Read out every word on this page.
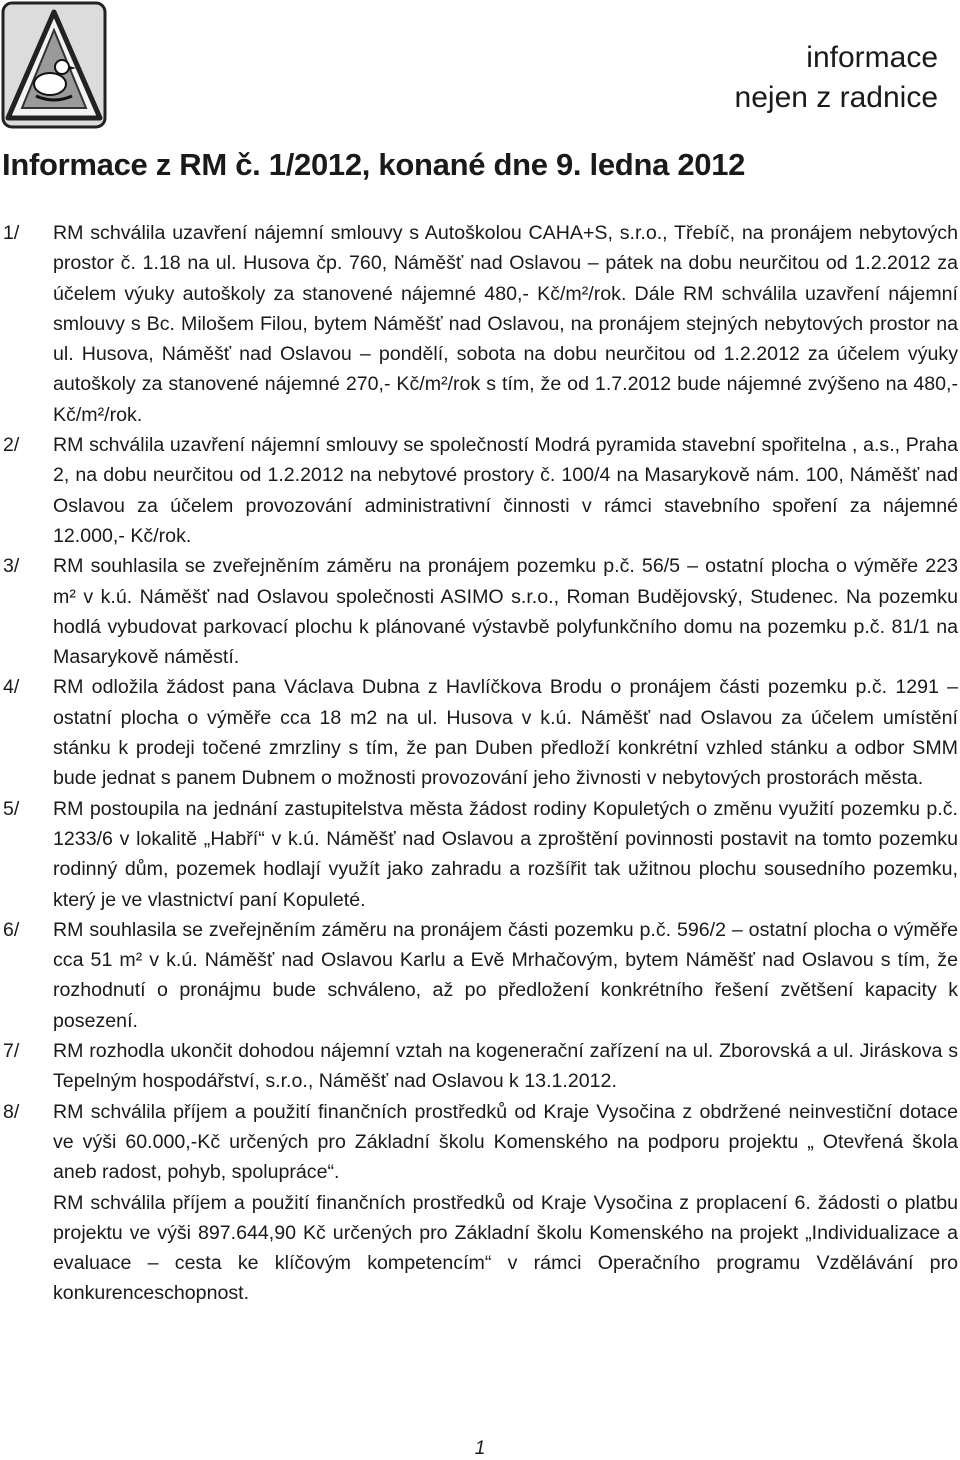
informace
nejen z radnice
Informace z RM č. 1/2012, konané dne 9. ledna 2012
1/ RM schválila uzavření nájemní smlouvy s Autoškolou CAHA+S, s.r.o., Třebíč, na pronájem nebytových prostor č. 1.18 na ul. Husova čp. 760, Náměšť nad Oslavou – pátek na dobu neurčitou od 1.2.2012 za účelem výuky autoškoly za stanovené nájemné 480,- Kč/m²/rok. Dále RM schválila uzavření nájemní smlouvy s Bc. Milošem Filou, bytem Náměšť nad Oslavou, na pronájem stejných nebytových prostor na ul. Husova, Náměšť nad Oslavou – pondělí, sobota na dobu neurčitou od 1.2.2012 za účelem výuky autoškoly za stanovené nájemné 270,- Kč/m²/rok s tím, že od 1.7.2012 bude nájemné zvýšeno na 480,- Kč/m²/rok.

2/ RM schválila uzavření nájemní smlouvy se společností Modrá pyramida stavební spořitelna , a.s., Praha 2, na dobu neurčitou od 1.2.2012 na nebytové prostory č. 100/4 na Masarykově nám. 100, Náměšť nad Oslavou za účelem provozování administrativní činnosti v rámci stavebního spoření za nájemné 12.000,- Kč/rok.

3/ RM souhlasila se zveřejněním záměru na pronájem pozemku p.č. 56/5 – ostatní plocha o výměře 223 m² v k.ú. Náměšť nad Oslavou společnosti ASIMO s.r.o., Roman Budějovský, Studenec. Na pozemku hodlá vybudovat parkovací plochu k plánované výstavbě polyfunkčního domu na pozemku p.č. 81/1 na Masarykově náměstí.

4/ RM odložila žádost pana Václava Dubna z Havlíčkova Brodu o pronájem části pozemku p.č. 1291 – ostatní plocha o výměře cca 18 m2 na ul. Husova v k.ú. Náměšť nad Oslavou za účelem umístění stánku k prodeji točené zmrzliny s tím, že pan Duben předloží konkrétní vzhled stánku a odbor SMM bude jednat s panem Dubnem o možnosti provozování jeho živnosti v nebytových prostorách města.

5/ RM postoupila na jednání zastupitelstva města žádost rodiny Kopuletých o změnu využití pozemku p.č. 1233/6 v lokalitě „Habří“ v k.ú. Náměšť nad Oslavou a zproštění povinnosti postavit na tomto pozemku rodinný dům, pozemek hodlají využít jako zahradu a rozšířit tak užitnou plochu sousedního pozemku, který je ve vlastnictví paní Kopuleté.

6/ RM souhlasila se zveřejněním záměru na pronájem části pozemku p.č. 596/2 – ostatní plocha o výměře cca 51 m² v k.ú. Náměšť nad Oslavou Karlu a Evě Mrhačovým, bytem Náměšť nad Oslavou s tím, že rozhodnutí o pronájmu bude schváleno, až po předložení konkrétního řešení zvětšení kapacity k posezení.

7/ RM rozhodla ukončit dohodou nájemní vztah na kogenerační zařízení na ul. Zborovská a ul. Jiráskova s Tepelným hospodářství, s.r.o., Náměšť nad Oslavou k 13.1.2012.

8/ RM schválila příjem a použití finančních prostředků od Kraje Vysočina z obdržené neinvestiční dotace ve výši 60.000,-Kč určených pro Základní školu Komenského na podporu projektu „ Otevřená škola aneb radost, pohyb, spolupráce“.

RM schválila příjem a použití finančních prostředků od Kraje Vysočina z proplacení 6. žádosti o platbu projektu ve výši 897.644,90 Kč určených pro Základní školu Komenského na projekt „Individualizace a evaluace – cesta ke klíčovým kompetencím“ v rámci Operačního programu Vzdělávání pro konkurenceschopnost.

1
